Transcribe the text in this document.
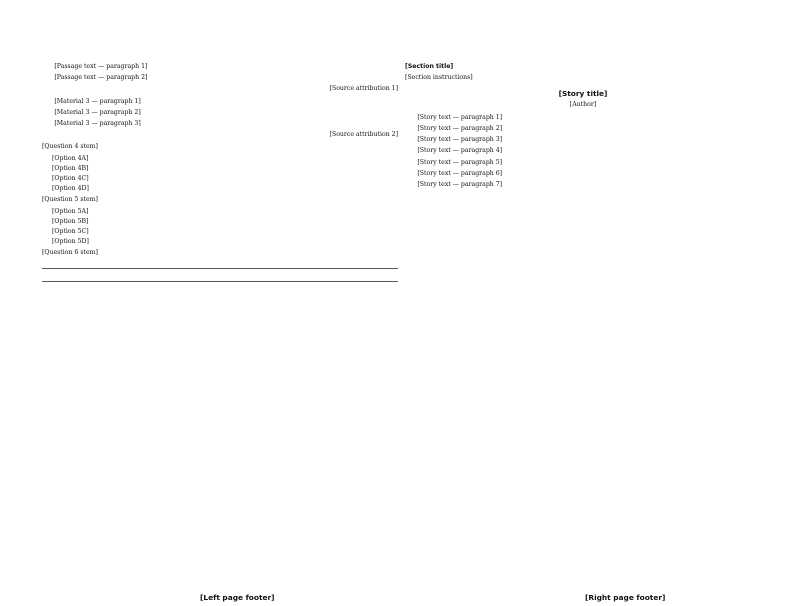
[Passage text — paragraph 1]

[Passage text — paragraph 2]

[Source attribution 1]

[Material 3 — paragraph 1]

[Material 3 — paragraph 2]

[Material 3 — paragraph 3]

[Source attribution 2]

[Question 4 stem]

[Option 4A]

[Option 4B]

[Option 4C]

[Option 4D]

[Question 5 stem]

[Option 5A]

[Option 5B]

[Option 5C]

[Option 5D]

[Question 6 stem]

[Left page footer]

[Section title]

[Section instructions]

[Story title]

[Author]

[Story text — paragraph 1]

[Story text — paragraph 2]

[Story text — paragraph 3]

[Story text — paragraph 4]

[Story text — paragraph 5]

[Story text — paragraph 6]

[Story text — paragraph 7]

[Right page footer]
